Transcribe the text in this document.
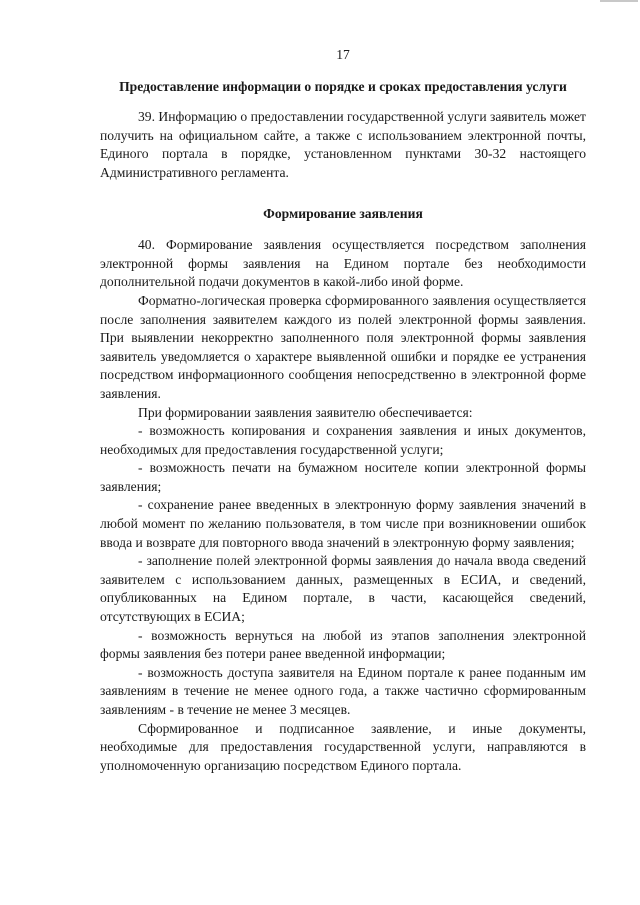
17
Предоставление информации о порядке и сроках предоставления услуги

39. Информацию о предоставлении государственной услуги заявитель может получить на официальном сайте, а также с использованием электронной почты, Единого портала в порядке, установленном пунктами 30-32 настоящего Административного регламента.

Формирование заявления

40. Формирование заявления осуществляется посредством заполнения электронной формы заявления на Едином портале без необходимости дополнительной подачи документов в какой-либо иной форме.

Форматно-логическая проверка сформированного заявления осуществляется после заполнения заявителем каждого из полей электронной формы заявления. При выявлении некорректно заполненного поля электронной формы заявления заявитель уведомляется о характере выявленной ошибки и порядке ее устранения посредством информационного сообщения непосредственно в электронной форме заявления.

При формировании заявления заявителю обеспечивается:

- возможность копирования и сохранения заявления и иных документов, необходимых для предоставления государственной услуги;

- возможность печати на бумажном носителе копии электронной формы заявления;

- сохранение ранее введенных в электронную форму заявления значений в любой момент по желанию пользователя, в том числе при возникновении ошибок ввода и возврате для повторного ввода значений в электронную форму заявления;

- заполнение полей электронной формы заявления до начала ввода сведений заявителем с использованием данных, размещенных в ЕСИА, и сведений, опубликованных на Едином портале, в части, касающейся сведений, отсутствующих в ЕСИА;

- возможность вернуться на любой из этапов заполнения электронной формы заявления без потери ранее введенной информации;

- возможность доступа заявителя на Едином портале к ранее поданным им заявлениям в течение не менее одного года, а также частично сформированным заявлениям - в течение не менее 3 месяцев.

Сформированное и подписанное заявление, и иные документы, необходимые для предоставления государственной услуги, направляются в уполномоченную организацию посредством Единого портала.
